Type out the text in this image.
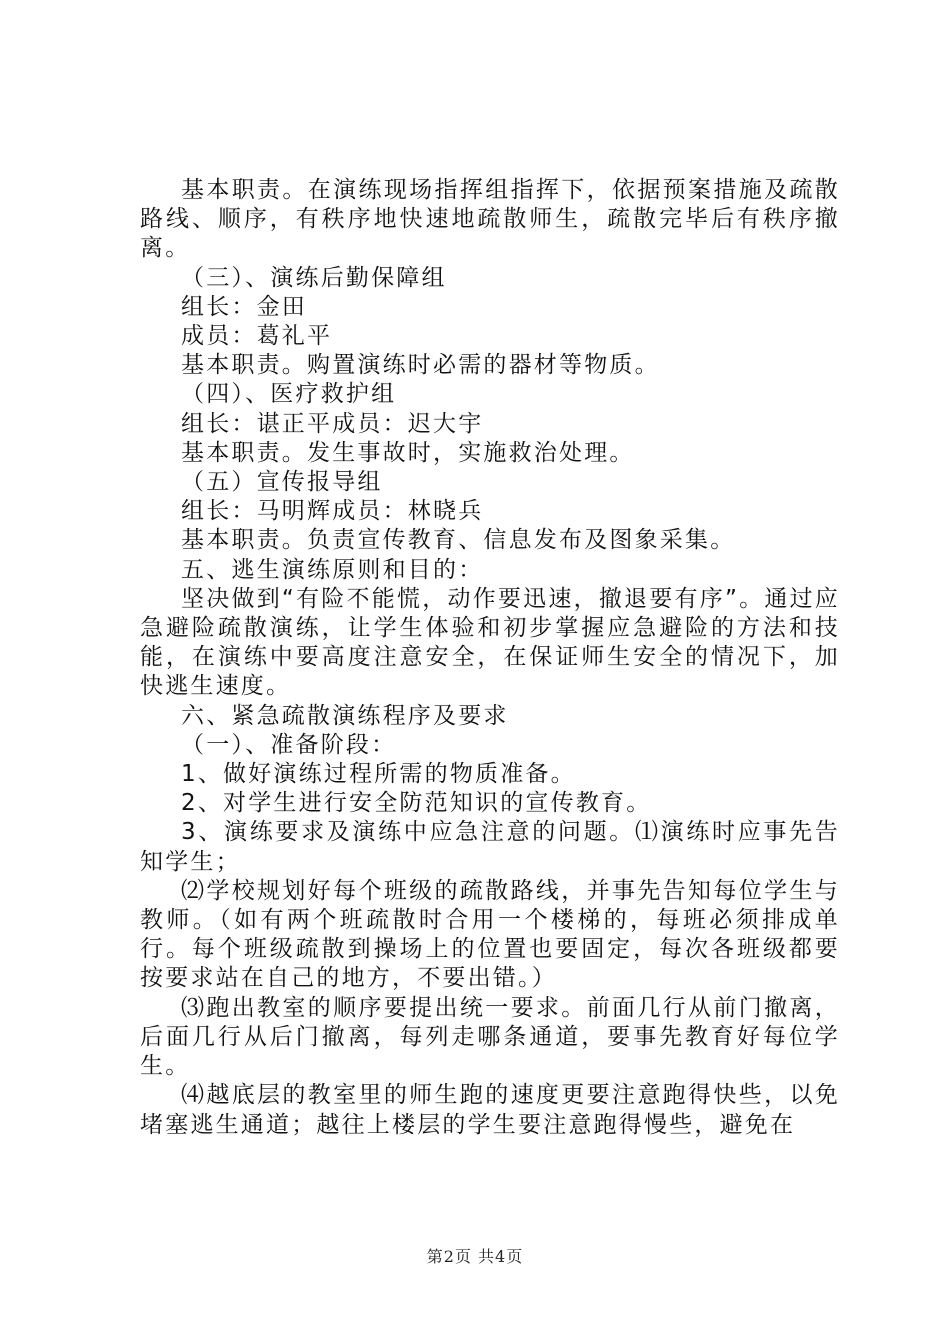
基本职责。在演练现场指挥组指挥下，依据预案措施及疏散路线、顺序，有秩序地快速地疏散师生，疏散完毕后有秩序撤离。

（三）、演练后勤保障组

组长：金田

成员：葛礼平

基本职责。购置演练时必需的器材等物质。

（四）、医疗救护组

组长：谌正平成员：迟大宇

基本职责。发生事故时，实施救治处理。

（五）宣传报导组

组长：马明辉成员：林晓兵

基本职责。负责宣传教育、信息发布及图象采集。

五、逃生演练原则和目的：

坚决做到“有险不能慌，动作要迅速，撤退要有序”。通过应急避险疏散演练，让学生体验和初步掌握应急避险的方法和技能，在演练中要高度注意安全，在保证师生安全的情况下，加快逃生速度。

六、紧急疏散演练程序及要求

（一）、准备阶段：

1、做好演练过程所需的物质准备。

2、对学生进行安全防范知识的宣传教育。

3、演练要求及演练中应急注意的问题。⑴演练时应事先告知学生；

⑵学校规划好每个班级的疏散路线，并事先告知每位学生与教师。（如有两个班疏散时合用一个楼梯的，每班必须排成单行。每个班级疏散到操场上的位置也要固定，每次各班级都要按要求站在自己的地方，不要出错。）

⑶跑出教室的顺序要提出统一要求。前面几行从前门撤离，后面几行从后门撤离，每列走哪条通道，要事先教育好每位学生。

⑷越底层的教室里的师生跑的速度更要注意跑得快些，以免堵塞逃生通道；越往上楼层的学生要注意跑得慢些，避免在

第2页 共4页
